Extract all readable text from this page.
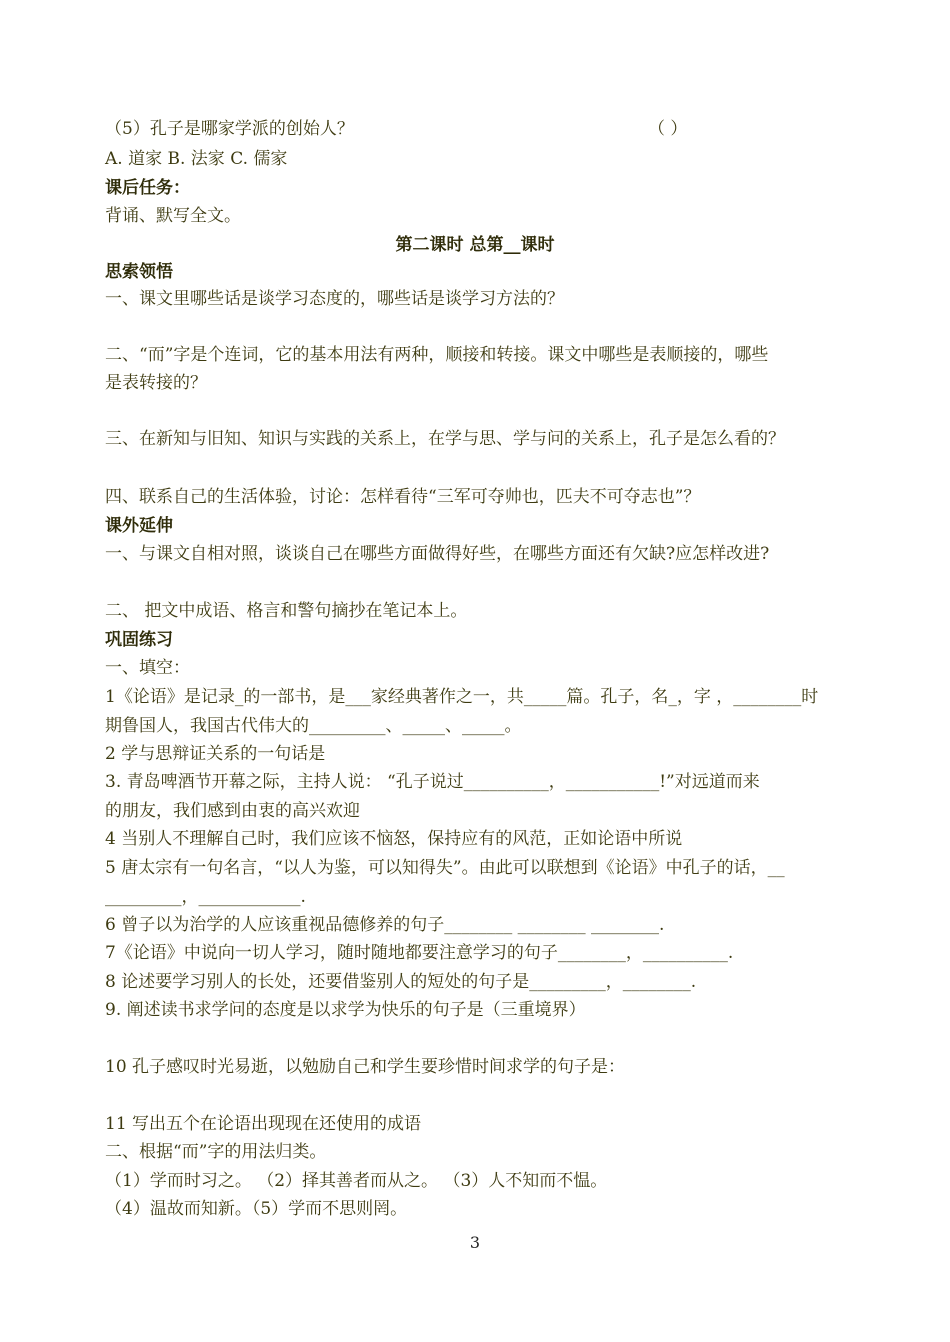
（5）孔子是哪家学派的创始人？	（ ）
A. 道家 B. 法家 C. 儒家
课后任务：
背诵、默写全文。
第二课时 总第__课时
思索领悟
一、课文里哪些话是谈学习态度的，哪些话是谈学习方法的？
二、“而”字是个连词，它的基本用法有两种，顺接和转接。课文中哪些是表顺接的，哪些
是表转接的？
三、在新知与旧知、知识与实践的关系上，在学与思、学与问的关系上，孔子是怎么看的？
四、联系自己的生活体验，讨论：怎样看待“三军可夺帅也，匹夫不可夺志也”？
课外延伸
一、与课文自相对照，谈谈自己在哪些方面做得好些，在哪些方面还有欠缺?应怎样改进?
二、 把文中成语、格言和警句摘抄在笔记本上。
巩固练习
一、填空：
1《论语》是记录_的一部书，是___家经典著作之一，共_____篇。孔子，名_，字 ，________时
期鲁国人，我国古代伟大的_________、_____、_____。
2 学与思辩证关系的一句话是
3. 青岛啤酒节开幕之际，主持人说： “孔子说过__________，___________!”对远道而来
的朋友，我们感到由衷的高兴欢迎
4 当别人不理解自己时，我们应该不恼怒，保持应有的风范，正如论语中所说
5 唐太宗有一句名言，“以人为鉴，可以知得失”。由此可以联想到《论语》中孔子的话，__
_________，____________.
6 曾子以为治学的人应该重视品德修养的句子________ ________ ________.
7《论语》中说向一切人学习，随时随地都要注意学习的句子________，__________.
8 论述要学习别人的长处，还要借鉴别人的短处的句子是_________，________.
9. 阐述读书求学问的态度是以求学为快乐的句子是（三重境界）
10 孔子感叹时光易逝，以勉励自己和学生要珍惜时间求学的句子是：
11 写出五个在论语出现现在还使用的成语
二、根据“而”字的用法归类。
（1）学而时习之。 （2）择其善者而从之。 （3）人不知而不愠。
（4）温故而知新。（5）学而不思则罔。
3
